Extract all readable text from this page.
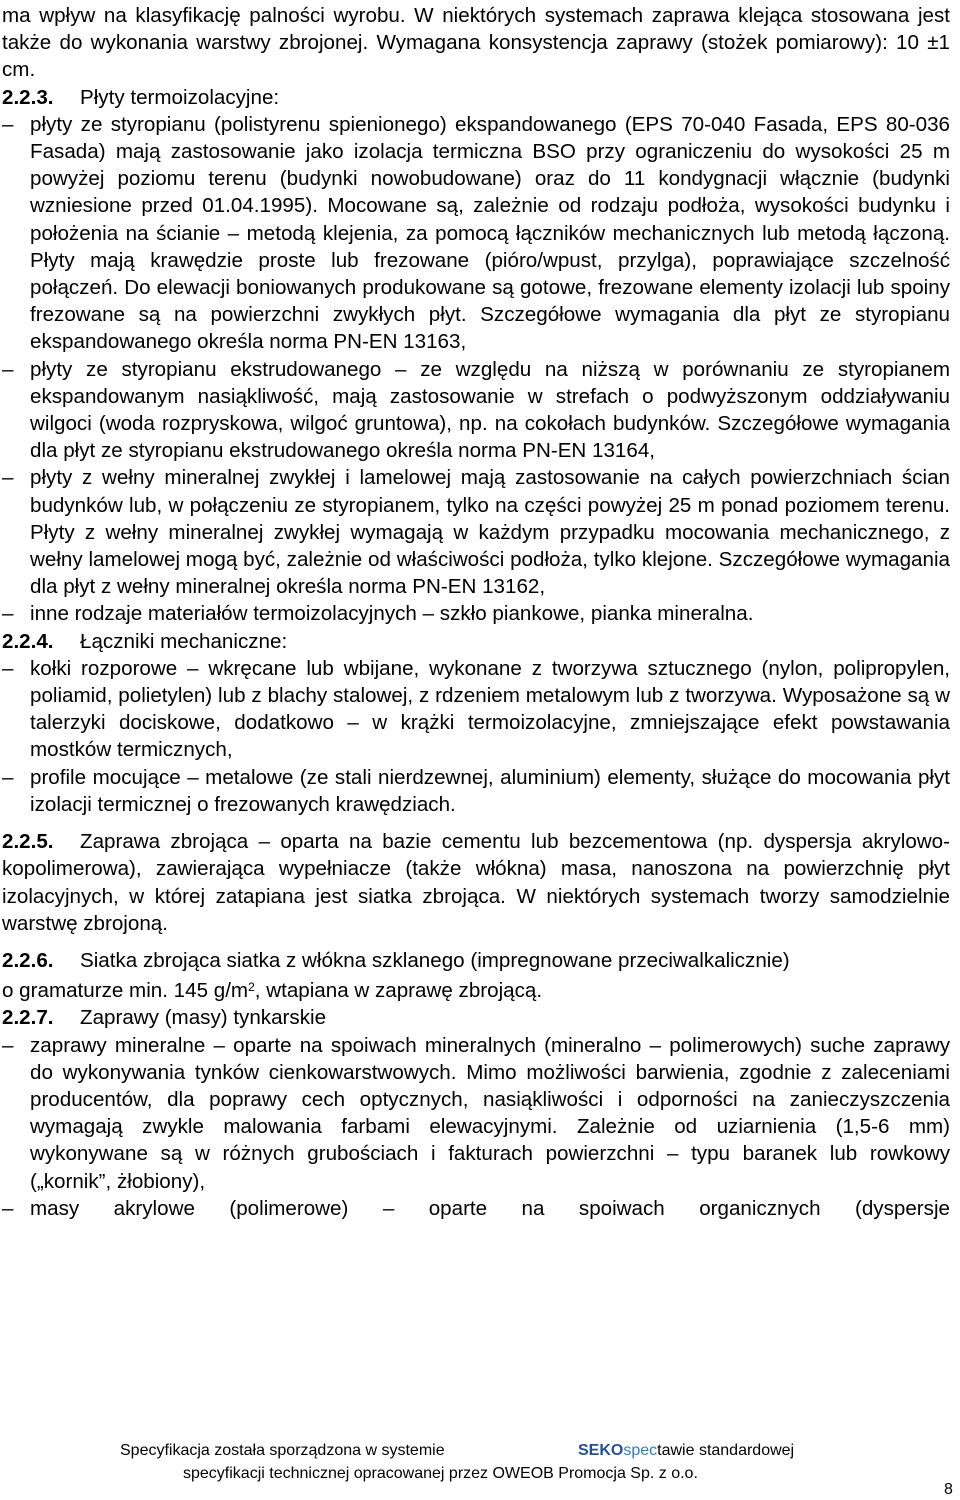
ma wpływ na klasyfikację palności wyrobu. W niektórych systemach zaprawa klejąca stosowana jest także do wykonania warstwy zbrojonej. Wymagana konsystencja zaprawy (stożek pomiarowy): 10 ±1 cm.

2.2.3. Płyty termoizolacyjne:

– płyty ze styropianu (polistyrenu spienionego) ekspandowanego (EPS 70-040 Fasada, EPS 80-036 Fasada) mają zastosowanie jako izolacja termiczna BSO przy ograniczeniu do wysokości 25 m powyżej poziomu terenu (budynki nowobudowane) oraz do 11 kondygnacji włącznie (budynki wzniesione przed 01.04.1995). Mocowane są, zależnie od rodzaju podłoża, wysokości budynku i położenia na ścianie – metodą klejenia, za pomocą łączników mechanicznych lub metodą łączoną. Płyty mają krawędzie proste lub frezowane (pióro/wpust, przylga), poprawiające szczelność połączeń. Do elewacji boniowanych produkowane są gotowe, frezowane elementy izolacji lub spoiny frezowane są na powierzchni zwykłych płyt. Szczegółowe wymagania dla płyt ze styropianu ekspandowanego określa norma PN-EN 13163,

– płyty ze styropianu ekstrudowanego – ze względu na niższą w porównaniu ze styropianem ekspandowanym nasiąkliwość, mają zastosowanie w strefach o podwyższonym oddziaływaniu wilgoci (woda rozpryskowa, wilgoć gruntowa), np. na cokołach budynków. Szczegółowe wymagania dla płyt ze styropianu ekstrudowanego określa norma PN-EN 13164,

– płyty z wełny mineralnej zwykłej i lamelowej mają zastosowanie na całych powierzchniach ścian budynków lub, w połączeniu ze styropianem, tylko na części powyżej 25 m ponad poziomem terenu. Płyty z wełny mineralnej zwykłej wymagają w każdym przypadku mocowania mechanicznego, z wełny lamelowej mogą być, zależnie od właściwości podłoża, tylko klejone. Szczegółowe wymagania dla płyt z wełny mineralnej określa norma PN-EN 13162,

– inne rodzaje materiałów termoizolacyjnych – szkło piankowe, pianka mineralna.

2.2.4. Łączniki mechaniczne:

– kołki rozporowe – wkręcane lub wbijane, wykonane z tworzywa sztucznego (nylon, polipropylen, poliamid, polietylen) lub z blachy stalowej, z rdzeniem metalowym lub z tworzywa. Wyposażone są w talerzyki dociskowe, dodatkowo – w krążki termoizolacyjne, zmniejszające efekt powstawania mostków termicznych,

– profile mocujące – metalowe (ze stali nierdzewnej, aluminium) elementy, służące do mocowania płyt izolacji termicznej o frezowanych krawędziach.

2.2.5. Zaprawa zbrojąca – oparta na bazie cementu lub bezcementowa (np. dyspersja akrylowo-kopolimerowa), zawierająca wypełniacze (także włókna) masa, nanoszona na powierzchnię płyt izolacyjnych, w której zatapiana jest siatka zbrojąca. W niektórych systemach tworzy samodzielnie warstwę zbrojoną.

2.2.6. Siatka zbrojąca siatka z włókna szklanego (impregnowane przeciwalkalicznie)

o gramaturze min. 145 $g/m^2$, wtapiana w zaprawę zbrojącą.

2.2.7. Zaprawy (masy) tynkarskie

– zaprawy mineralne – oparte na spoiwach mineralnych (mineralno – polimerowych) suche zaprawy do wykonywania tynków cienkowarstwowych. Mimo możliwości barwienia, zgodnie z zaleceniami producentów, dla poprawy cech optycznych, nasiąkliwości i odporności na zanieczyszczenia wymagają zwykle malowania farbami elewacyjnymi. Zależnie od uziarnienia (1,5-6 mm) wykonywane są w różnych grubościach i fakturach powierzchni – typu baranek lub rowkowy („kornik”, żłobiony),

– masy akrylowe (polimerowe) – oparte na spoiwach organicznych (dyspersje

Specyfikacja została sporządzona w systemie	SEKOspectawie standardowej
specyfikacji technicznej opracowanej przez OWEOB Promocja Sp. z o.o.
8
